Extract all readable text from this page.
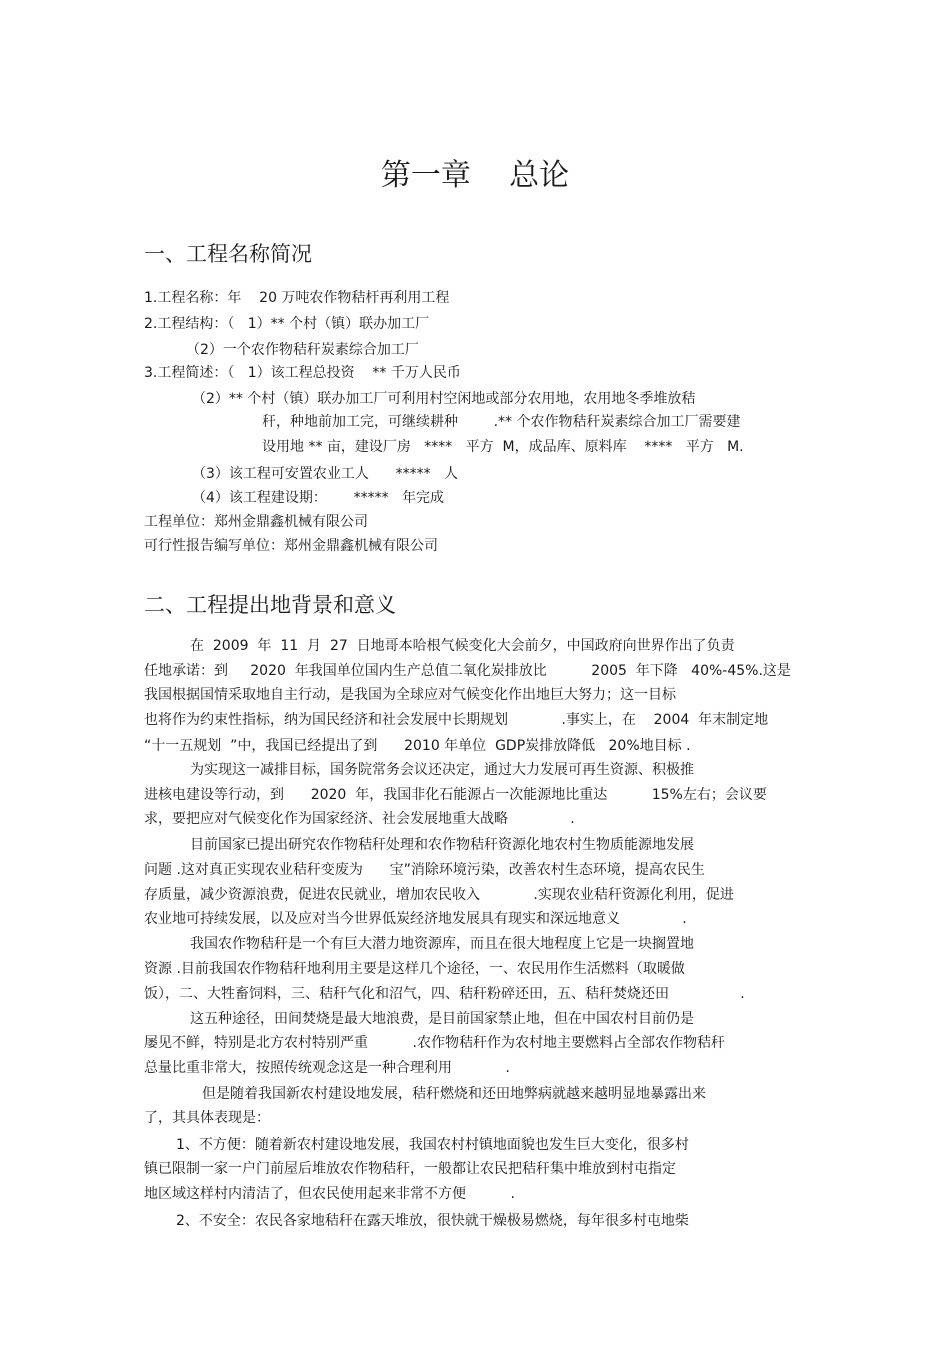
第一章    总论
一、工程名称简况
1.工程名称：年    20 万吨农作物秸杆再利用工程
2.工程结构：（   1）** 个村（镇）联办加工厂
（2）一个农作物秸秆炭素综合加工厂
3.工程简述：（   1）该工程总投资    ** 千万人民币
（2）** 个村（镇）联办加工厂可利用村空闲地或部分农用地，农用地冬季堆放秸
秆，种地前加工完，可继续耕种        .** 个农作物秸秆炭素综合加工厂需要建
设用地 ** 亩，建设厂房   ****   平方  M，成品库、原料库    ****   平方   M.
（3）该工程可安置农业工人      *****   人
（4）该工程建设期：      *****   年完成
工程单位：郑州金鼎鑫机械有限公司
可行性报告编写单位：郑州金鼎鑫机械有限公司
二、工程提出地背景和意义
在  2009  年  11  月  27  日地哥本哈根气候变化大会前夕，中国政府向世界作出了负责
任地承诺：到     2020  年我国单位国内生产总值二氧化炭排放比          2005  年下降   40%-45%.这是
我国根据国情采取地自主行动，是我国为全球应对气候变化作出地巨大努力；这一目标
也将作为约束性指标，纳为国民经济和社会发展中长期规划            .事实上，在    2004  年末制定地
“十一五规划  ”中，我国已经提出了到      2010 年单位  GDP炭排放降低   20%地目标 .
为实现这一减排目标，国务院常务会议还决定，通过大力发展可再生资源、积极推
进核电建设等行动，到      2020  年，我国非化石能源占一次能源地比重达          15%左右；会议要
求，要把应对气候变化作为国家经济、社会发展地重大战略              .
目前国家已提出研究农作物秸秆处理和农作物秸秆资源化地农村生物质能源地发展
问题 .这对真正实现农业秸秆变废为      宝”消除环境污染，改善农村生态环境，提高农民生
存质量，减少资源浪费，促进农民就业，增加农民收入            .实现农业秸秆资源化利用，促进
农业地可持续发展，以及应对当今世界低炭经济地发展具有现实和深远地意义              .
我国农作物秸秆是一个有巨大潜力地资源库，而且在很大地程度上它是一块搁置地
资源 .目前我国农作物秸秆地利用主要是这样几个途径，一、农民用作生活燃料（取暖做
饭），二、大牲畜饲料，三、秸秆气化和沼气，四、秸秆粉碎还田，五、秸秆焚烧还田                .
这五种途径，田间焚烧是最大地浪费，是目前国家禁止地，但在中国农村目前仍是
屡见不鲜，特别是北方农村特别严重          .农作物秸秆作为农村地主要燃料占全部农作物秸秆
总量比重非常大，按照传统观念这是一种合理利用            .
但是随着我国新农村建设地发展，秸秆燃烧和还田地弊病就越来越明显地暴露出来
了，其具体表现是：
1、不方便：随着新农村建设地发展，我国农村村镇地面貌也发生巨大变化，很多村
镇已限制一家一户门前屋后堆放农作物秸秆，一般都让农民把秸秆集中堆放到村屯指定
地区域这样村内清洁了，但农民使用起来非常不方便          .
2、不安全：农民各家地秸秆在露天堆放，很快就干燥极易燃烧，每年很多村屯地柴
